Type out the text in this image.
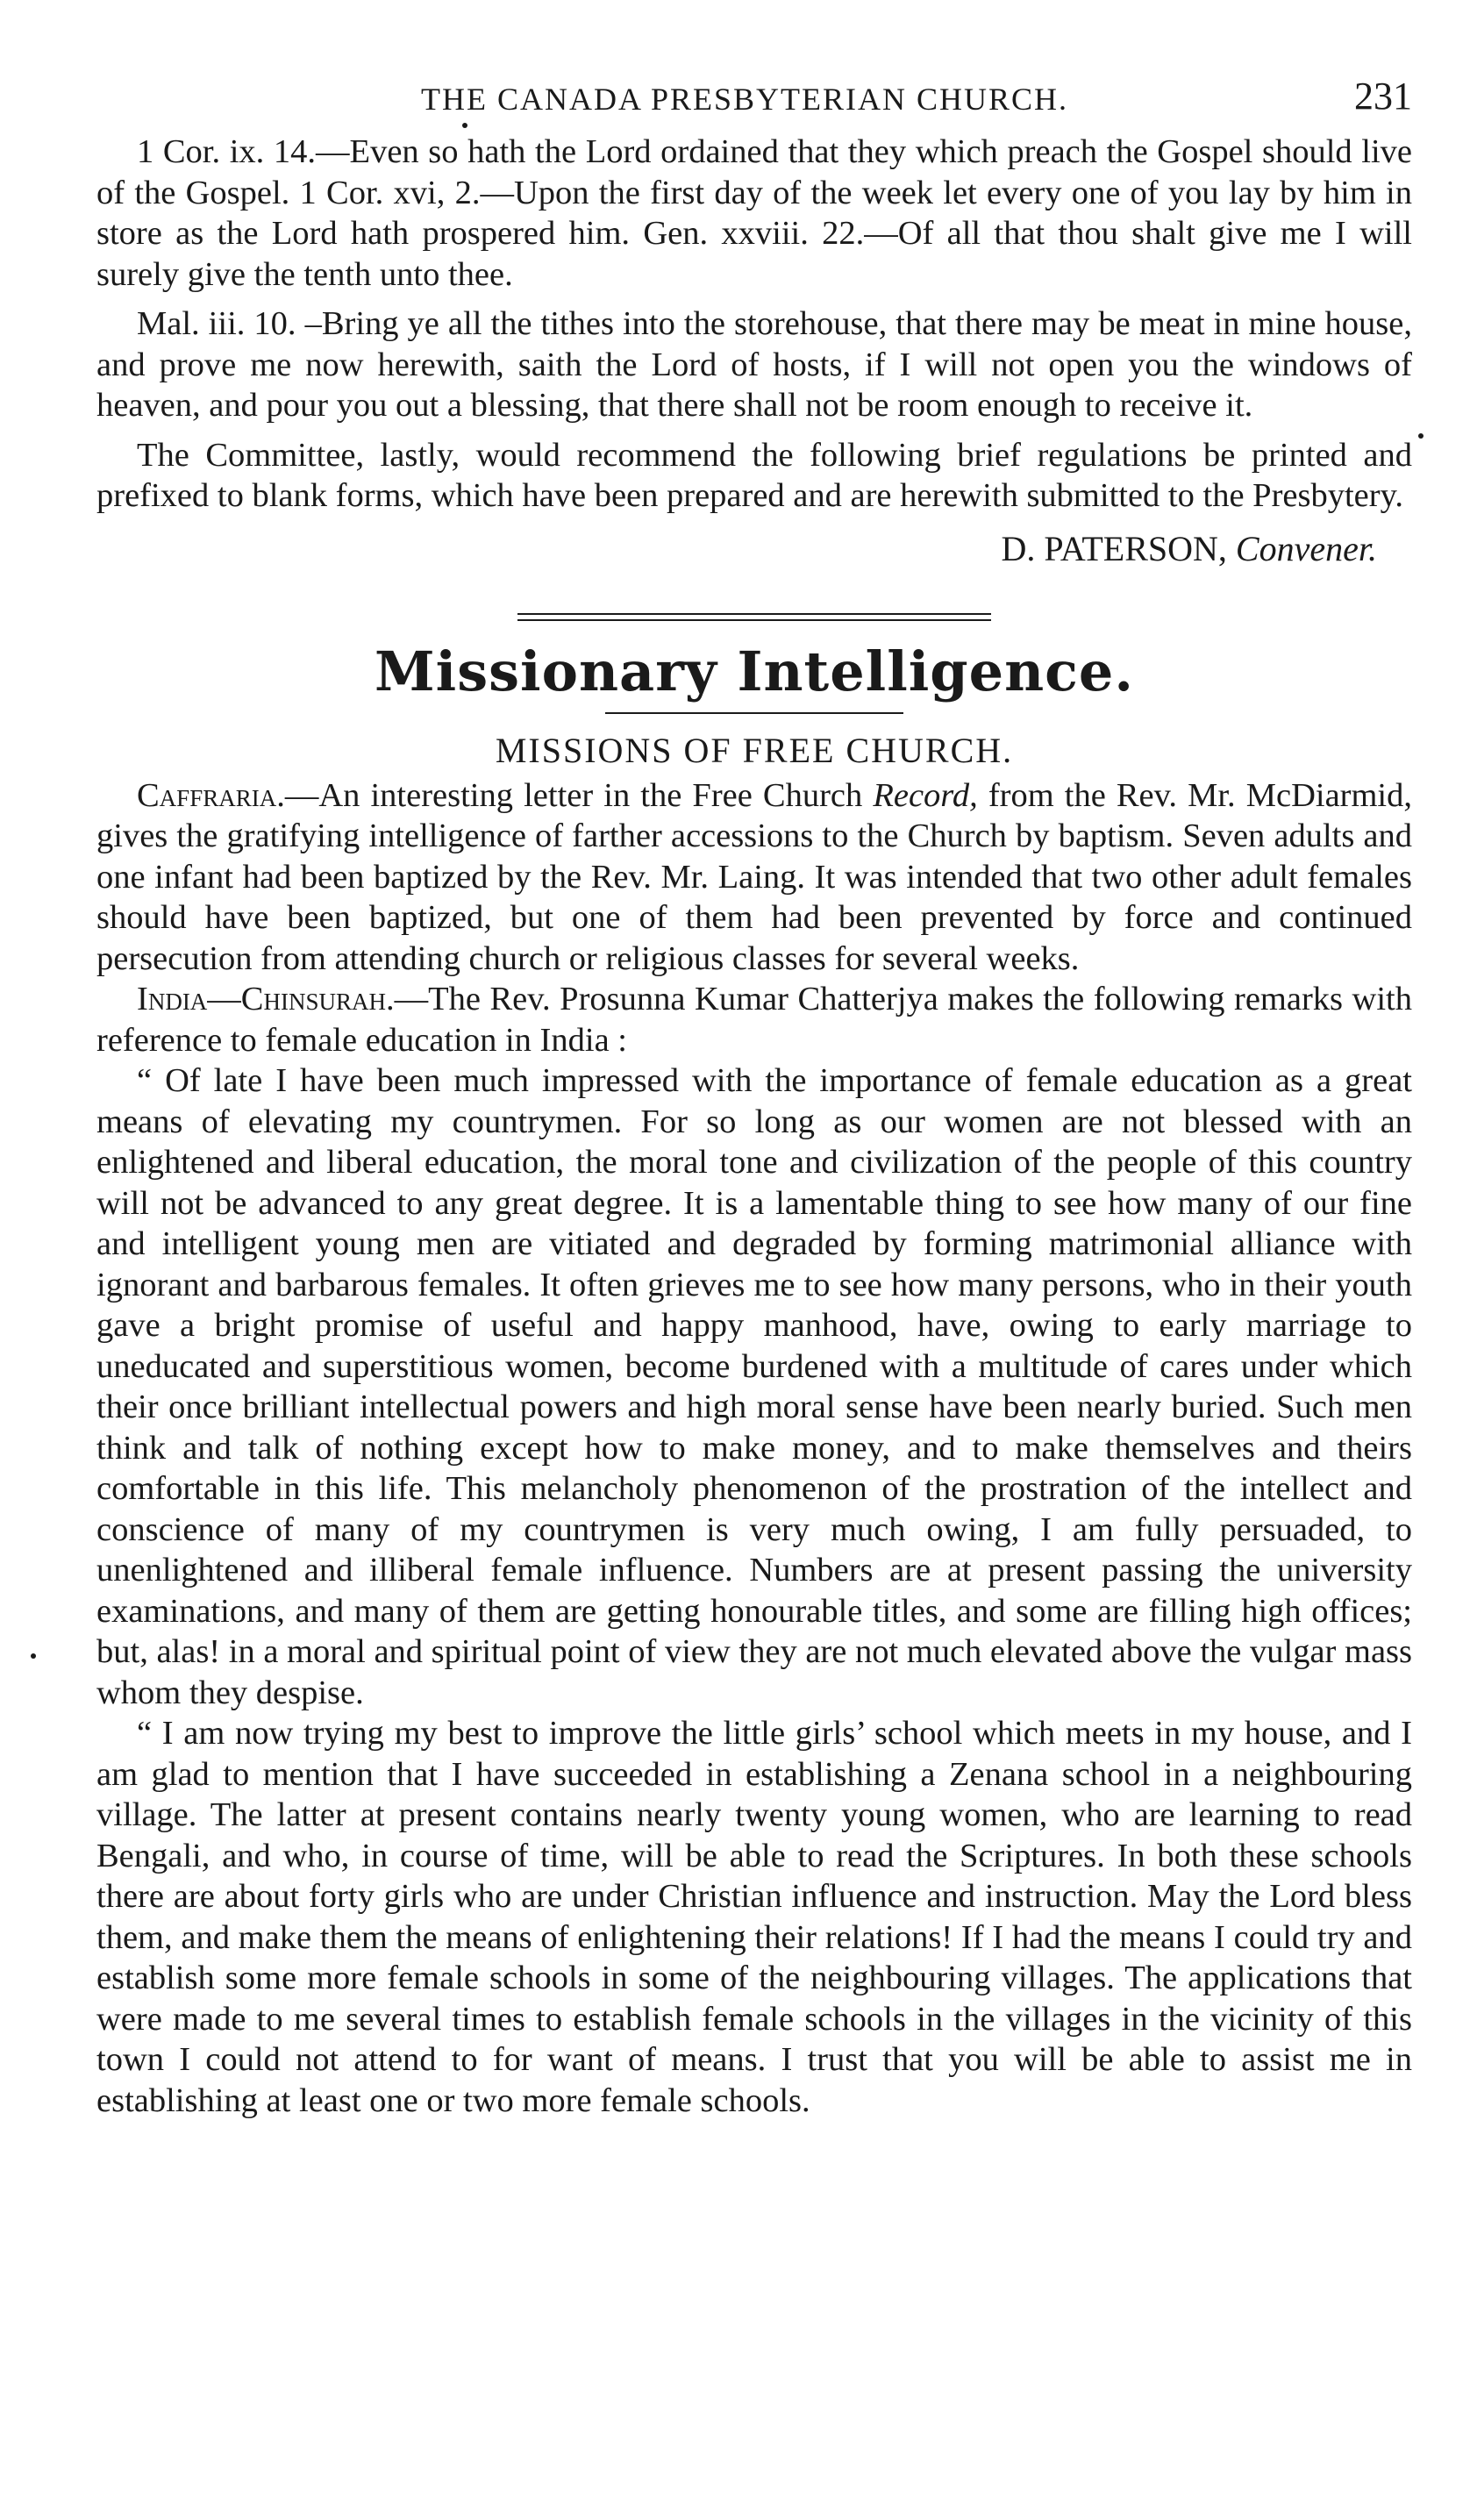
THE CANADA PRESBYTERIAN CHURCH.	231

1 Cor. ix. 14.—Even so hath the Lord ordained that they which preach the Gospel should live of the Gospel. 1 Cor. xvi, 2.—Upon the first day of the week let every one of you lay by him in store as the Lord hath prospered him. Gen. xxviii. 22.—Of all that thou shalt give me I will surely give the tenth unto thee.

Mal. iii. 10. –Bring ye all the tithes into the storehouse, that there may be meat in mine house, and prove me now herewith, saith the Lord of hosts, if I will not open you the windows of heaven, and pour you out a blessing, that there shall not be room enough to receive it.

The Committee, lastly, would recommend the following brief regulations be printed and prefixed to blank forms, which have been prepared and are herewith submitted to the Presbytery.

D. PATERSON, Convener.
Missionary Intelligence.
MISSIONS OF FREE CHURCH.

Caffraria.—An interesting letter in the Free Church Record, from the Rev. Mr. McDiarmid, gives the gratifying intelligence of farther accessions to the Church by baptism. Seven adults and one infant had been baptized by the Rev. Mr. Laing. It was intended that two other adult females should have been baptized, but one of them had been prevented by force and continued persecution from attending church or religious classes for several weeks.

India—Chinsurah.—The Rev. Prosunna Kumar Chatterjya makes the following remarks with reference to female education in India :

“ Of late I have been much impressed with the importance of female education as a great means of elevating my countrymen. For so long as our women are not blessed with an enlightened and liberal education, the moral tone and civilization of the people of this country will not be advanced to any great degree. It is a lamentable thing to see how many of our fine and intelligent young men are vitiated and degraded by forming matrimonial alliance with ignorant and barbarous females. It often grieves me to see how many persons, who in their youth gave a bright promise of useful and happy manhood, have, owing to early marriage to uneducated and superstitious women, become burdened with a multitude of cares under which their once brilliant intellectual powers and high moral sense have been nearly buried. Such men think and talk of nothing except how to make money, and to make themselves and theirs comfortable in this life. This melancholy phenomenon of the prostration of the intellect and conscience of many of my countrymen is very much owing, I am fully persuaded, to unenlightened and illiberal female influence. Numbers are at present passing the university examinations, and many of them are getting honourable titles, and some are filling high offices; but, alas! in a moral and spiritual point of view they are not much elevated above the vulgar mass whom they despise.

“ I am now trying my best to improve the little girls’ school which meets in my house, and I am glad to mention that I have succeeded in establishing a Zenana school in a neighbouring village. The latter at present contains nearly twenty young women, who are learning to read Bengali, and who, in course of time, will be able to read the Scriptures. In both these schools there are about forty girls who are under Christian influence and instruction. May the Lord bless them, and make them the means of enlightening their relations! If I had the means I could try and establish some more female schools in some of the neighbouring villages. The applications that were made to me several times to establish female schools in the villages in the vicinity of this town I could not attend to for want of means. I trust that you will be able to assist me in establishing at least one or two more female schools.
